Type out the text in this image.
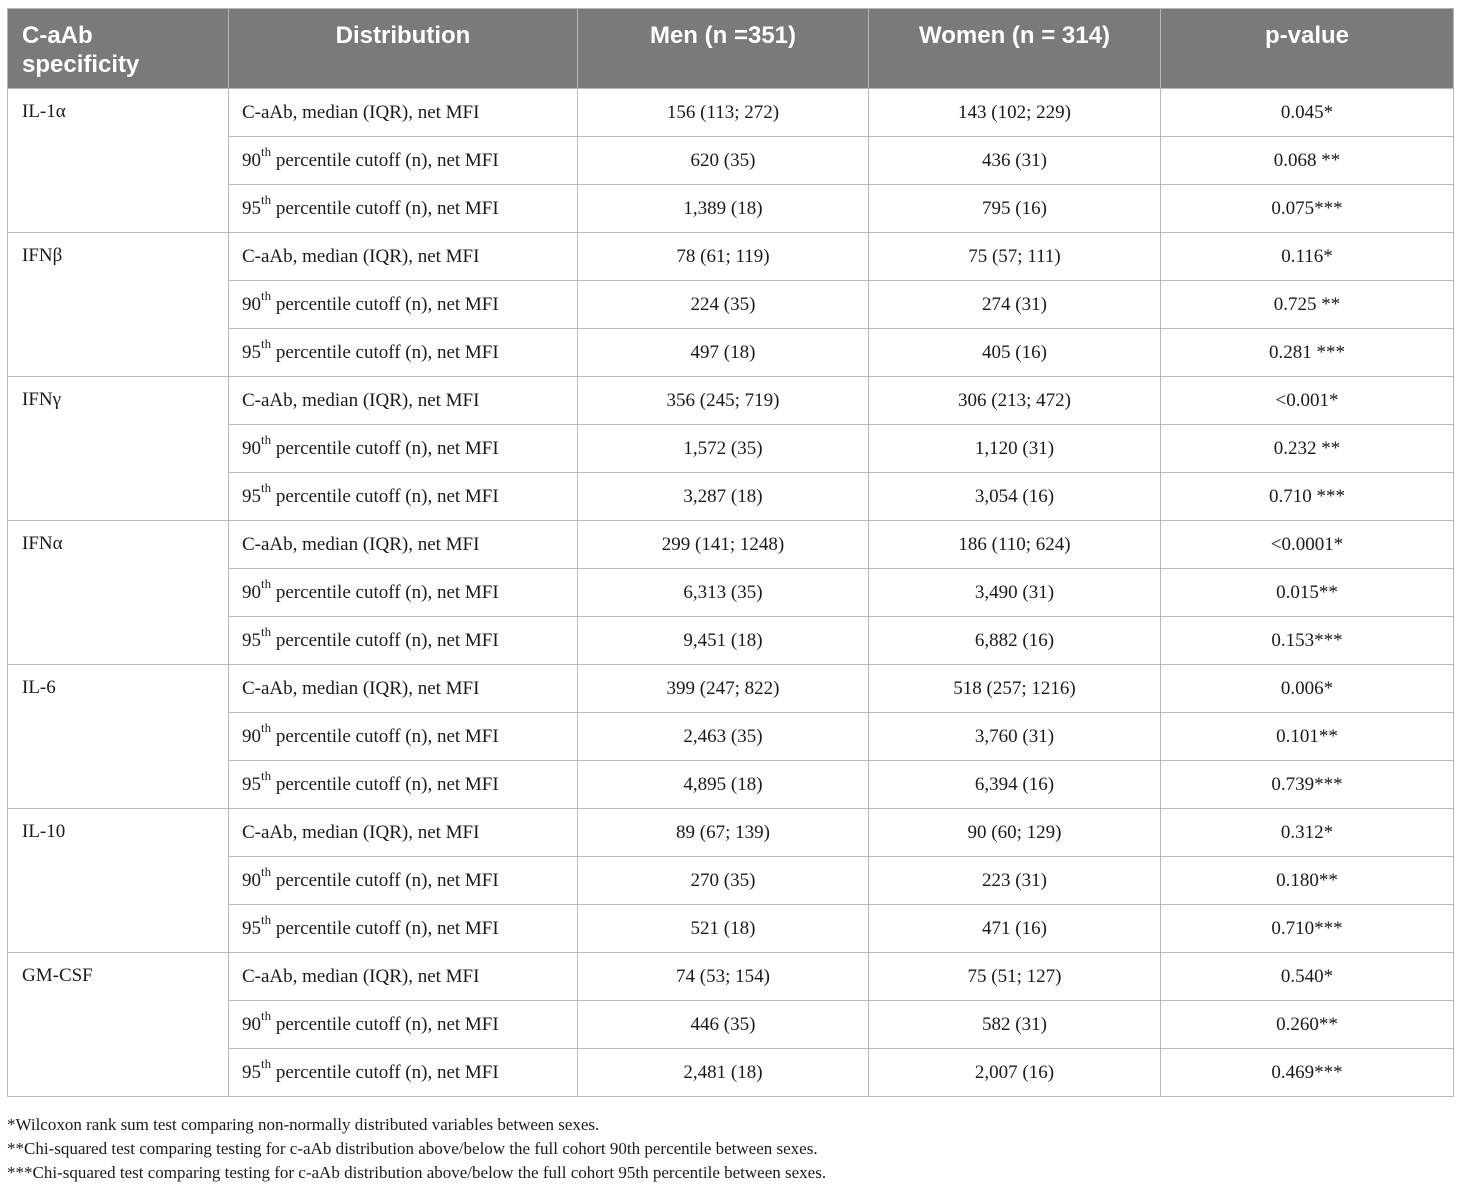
C-aAb specificity	Distribution	Men (n =351)	Women (n = 314)	p-value
IL-1α	C-aAb, median (IQR), net MFI	156 (113; 272)	143 (102; 229)	0.045*
	90th percentile cutoff (n), net MFI	620 (35)	436 (31)	0.068 **
	95th percentile cutoff (n), net MFI	1,389 (18)	795 (16)	0.075***
IFNβ	C-aAb, median (IQR), net MFI	78 (61; 119)	75 (57; 111)	0.116*
	90th percentile cutoff (n), net MFI	224 (35)	274 (31)	0.725 **
	95th percentile cutoff (n), net MFI	497 (18)	405 (16)	0.281 ***
IFNγ	C-aAb, median (IQR), net MFI	356 (245; 719)	306 (213; 472)	<0.001*
	90th percentile cutoff (n), net MFI	1,572 (35)	1,120 (31)	0.232 **
	95th percentile cutoff (n), net MFI	3,287 (18)	3,054 (16)	0.710 ***
IFNα	C-aAb, median (IQR), net MFI	299 (141; 1248)	186 (110; 624)	<0.0001*
	90th percentile cutoff (n), net MFI	6,313 (35)	3,490 (31)	0.015**
	95th percentile cutoff (n), net MFI	9,451 (18)	6,882 (16)	0.153***
IL-6	C-aAb, median (IQR), net MFI	399 (247; 822)	518 (257; 1216)	0.006*
	90th percentile cutoff (n), net MFI	2,463 (35)	3,760 (31)	0.101**
	95th percentile cutoff (n), net MFI	4,895 (18)	6,394 (16)	0.739***
IL-10	C-aAb, median (IQR), net MFI	89 (67; 139)	90 (60; 129)	0.312*
	90th percentile cutoff (n), net MFI	270 (35)	223 (31)	0.180**
	95th percentile cutoff (n), net MFI	521 (18)	471 (16)	0.710***
GM-CSF	C-aAb, median (IQR), net MFI	74 (53; 154)	75 (51; 127)	0.540*
	90th percentile cutoff (n), net MFI	446 (35)	582 (31)	0.260**
	95th percentile cutoff (n), net MFI	2,481 (18)	2,007 (16)	0.469***
*Wilcoxon rank sum test comparing non-normally distributed variables between sexes.
**Chi-squared test comparing testing for c-aAb distribution above/below the full cohort 90th percentile between sexes.
***Chi-squared test comparing testing for c-aAb distribution above/below the full cohort 95th percentile between sexes.
